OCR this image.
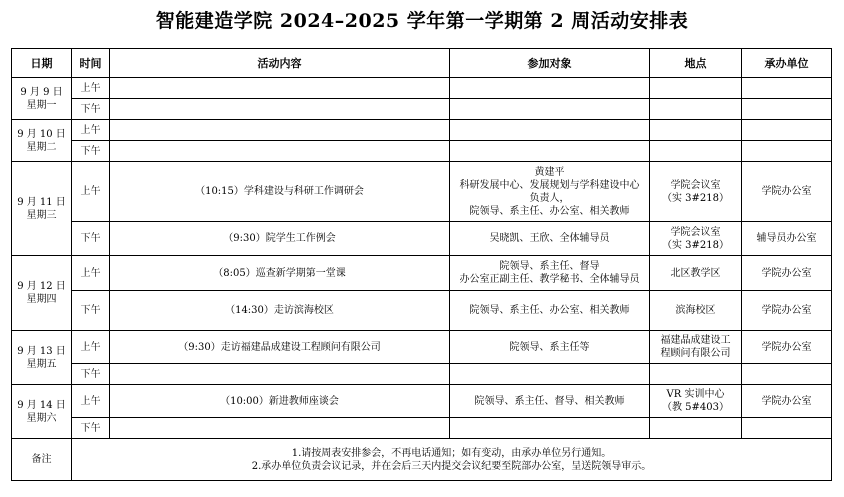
智能建造学院 2024–2025 学年第一学期第 2 周活动安排表
日期	时间	活动内容	参加对象	地点	承办单位

9 月 9 日
星期一	上午				
	下午				

9 月 10 日
星期二	上午				
	下午				

9 月 11 日
星期三	上午	（10:15）学科建设与科研工作调研会	黄建平
科研发展中心、发展规划与学科建设中心
负责人，
院领导、系主任、办公室、相关教师	学院会议室
（实 3#218）	学院办公室
	下午	（9:30）院学生工作例会	吴晓凯、王欣、全体辅导员	学院会议室
（实 3#218）	辅导员办公室

9 月 12 日
星期四	上午	（8:05）巡查新学期第一堂课	院领导、系主任、督导
办公室正副主任、教学秘书、全体辅导员	北区教学区	学院办公室
	下午	（14:30）走访滨海校区	院领导、系主任、办公室、相关教师	滨海校区	学院办公室

9 月 13 日
星期五	上午	（9:30）走访福建晶成建设工程顾问有限公司	院领导、系主任等	福建晶成建设工
程顾问有限公司	学院办公室
	下午				

9 月 14 日
星期六	上午	（10:00）新进教师座谈会	院领导、系主任、督导、相关教师	VR 实训中心
（教 5#403）	学院办公室
	下午				
备注	1.请按周表安排参会，不再电话通知；如有变动，由承办单位另行通知。
2.承办单位负责会议记录，并在会后三天内提交会议纪要至院部办公室，呈送院领导审示。				
